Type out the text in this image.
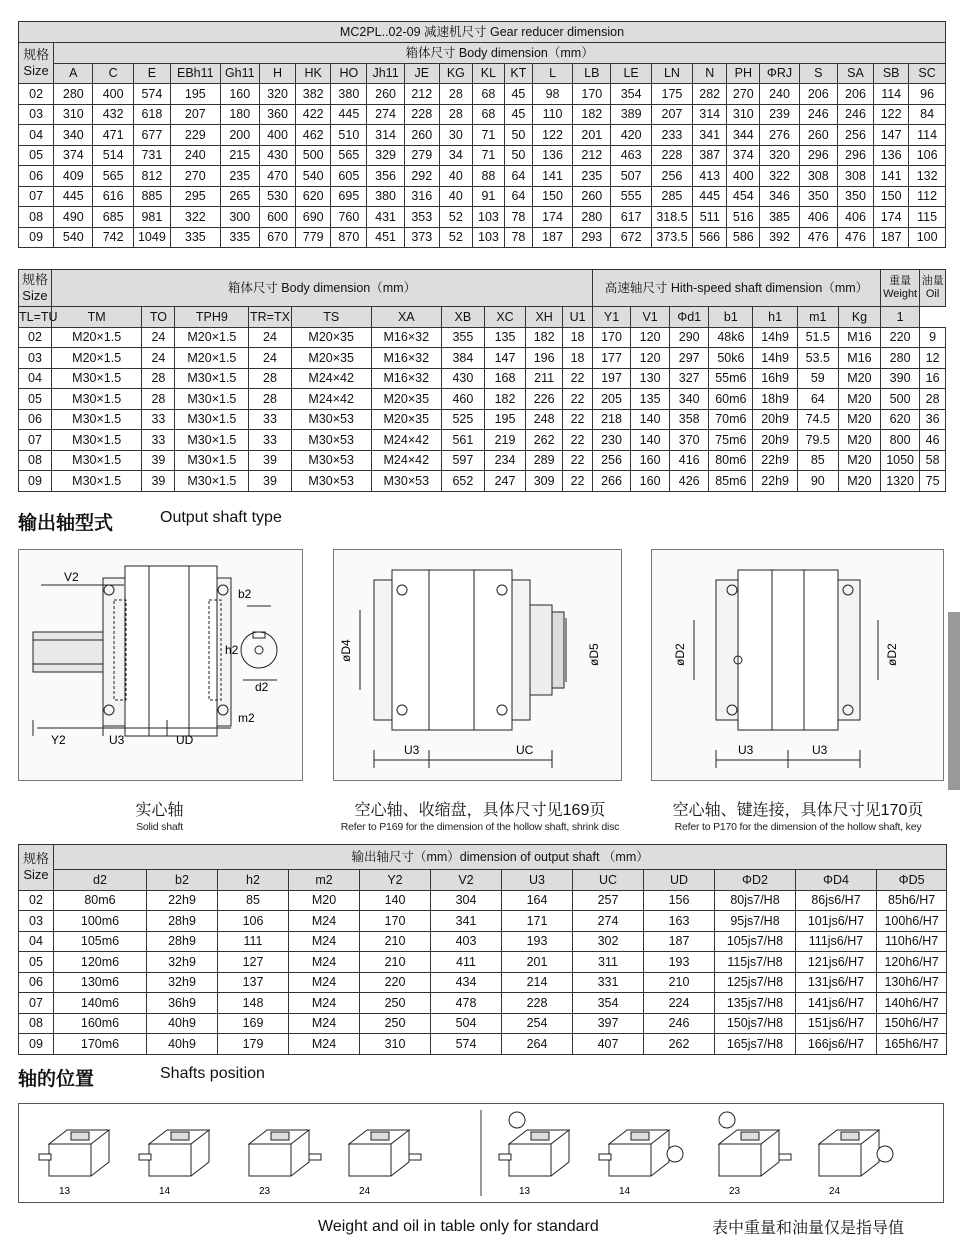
MC2PL..02-09 减速机尺寸 Gear reducer dimension																								
规格
Size	箱体尺寸 Body dimension（mm）																							
	A	C	E	EBh11	Gh11	H	HK	HO	Jh11	JE	KG	KL	KT	L	LB	LE	LN	N	PH	ΦRJ	S	SA	SB	SC
02	280	400	574	195	160	320	382	380	260	212	28	68	45	98	170	354	175	282	270	240	206	206	114	96
03	310	432	618	207	180	360	422	445	274	228	28	68	45	110	182	389	207	314	310	239	246	246	122	84
04	340	471	677	229	200	400	462	510	314	260	30	71	50	122	201	420	233	341	344	276	260	256	147	114
05	374	514	731	240	215	430	500	565	329	279	34	71	50	136	212	463	228	387	374	320	296	296	136	106
06	409	565	812	270	235	470	540	605	356	292	40	88	64	141	235	507	256	413	400	322	308	308	141	132
07	445	616	885	295	265	530	620	695	380	316	40	91	64	150	260	555	285	445	454	346	350	350	150	112
08	490	685	981	322	300	600	690	760	431	353	52	103	78	174	280	617	318.5	511	516	385	406	406	174	115
09	540	742	1049	335	335	670	779	870	451	373	52	103	78	187	293	672	373.5	566	586	392	476	476	187	100
规格
Size	箱体尺寸 Body dimension（mm）										高速轴尺寸 Hith-speed shaft dimension（mm）							重量
Weight	油量
Oil

TL=TU	TM	TO	TPH9	TR=TX	TS	XA	XB	XC	XH	U1	Y1	V1	Φd1	b1	h1	m1	Kg	1	
02	M20×1.5	24	M20×1.5	24	M20×35	M16×32	355	135	182	18	170	120	290	48k6	14h9	51.5	M16	220	9
03	M20×1.5	24	M20×1.5	24	M20×35	M16×32	384	147	196	18	177	120	297	50k6	14h9	53.5	M16	280	12
04	M30×1.5	28	M30×1.5	28	M24×42	M16×32	430	168	211	22	197	130	327	55m6	16h9	59	M20	390	16
05	M30×1.5	28	M30×1.5	28	M24×42	M20×35	460	182	226	22	205	135	340	60m6	18h9	64	M20	500	28
06	M30×1.5	33	M30×1.5	33	M30×53	M20×35	525	195	248	22	218	140	358	70m6	20h9	74.5	M20	620	36
07	M30×1.5	33	M30×1.5	33	M30×53	M24×42	561	219	262	22	230	140	370	75m6	20h9	79.5	M20	800	46
08	M30×1.5	39	M30×1.5	39	M30×53	M24×42	597	234	289	22	256	160	416	80m6	22h9	85	M20	1050	58
09	M30×1.5	39	M30×1.5	39	M30×53	M30×53	652	247	309	22	266	160	426	85m6	22h9	90	M20	1320	75
输出轴型式	Output shaft type
V2
b2
h2
d2
m2
Y2	U3	UD
øD4	øD5
U3	UC
øD2	øD2
U3	U3
实心轴
Solid shaft
空心轴、收缩盘，具体尺寸见169页
Refer to P169 for the dimension of the hollow shaft, shrink disc
空心轴、键连接，具体尺寸见170页
Refer to P170 for the dimension of the hollow shaft, key
规格
Size	输出轴尺寸（mm）dimension of output shaft （mm）											
	d2	b2	h2	m2	Y2	V2	U3	UC	UD	ΦD2	ΦD4	ΦD5
02	80m6	22h9	85	M20	140	304	164	257	156	80js7/H8	86js6/H7	85h6/H7
03	100m6	28h9	106	M24	170	341	171	274	163	95js7/H8	101js6/H7	100h6/H7
04	105m6	28h9	111	M24	210	403	193	302	187	105js7/H8	111js6/H7	110h6/H7
05	120m6	32h9	127	M24	210	411	201	311	193	115js7/H8	121js6/H7	120h6/H7
06	130m6	32h9	137	M24	220	434	214	331	210	125js7/H8	131js6/H7	130h6/H7
07	140m6	36h9	148	M24	250	478	228	354	224	135js7/H8	141js6/H7	140h6/H7
08	160m6	40h9	169	M24	250	504	254	397	246	150js7/H8	151js6/H7	150h6/H7
09	170m6	40h9	179	M24	310	574	264	407	262	165js7/H8	166js6/H7	165h6/H7
轴的位置	Shafts position
13	14	23	24	13	14	23	24
Weight and oil in table only for standard	表中重量和油量仅是指导值
